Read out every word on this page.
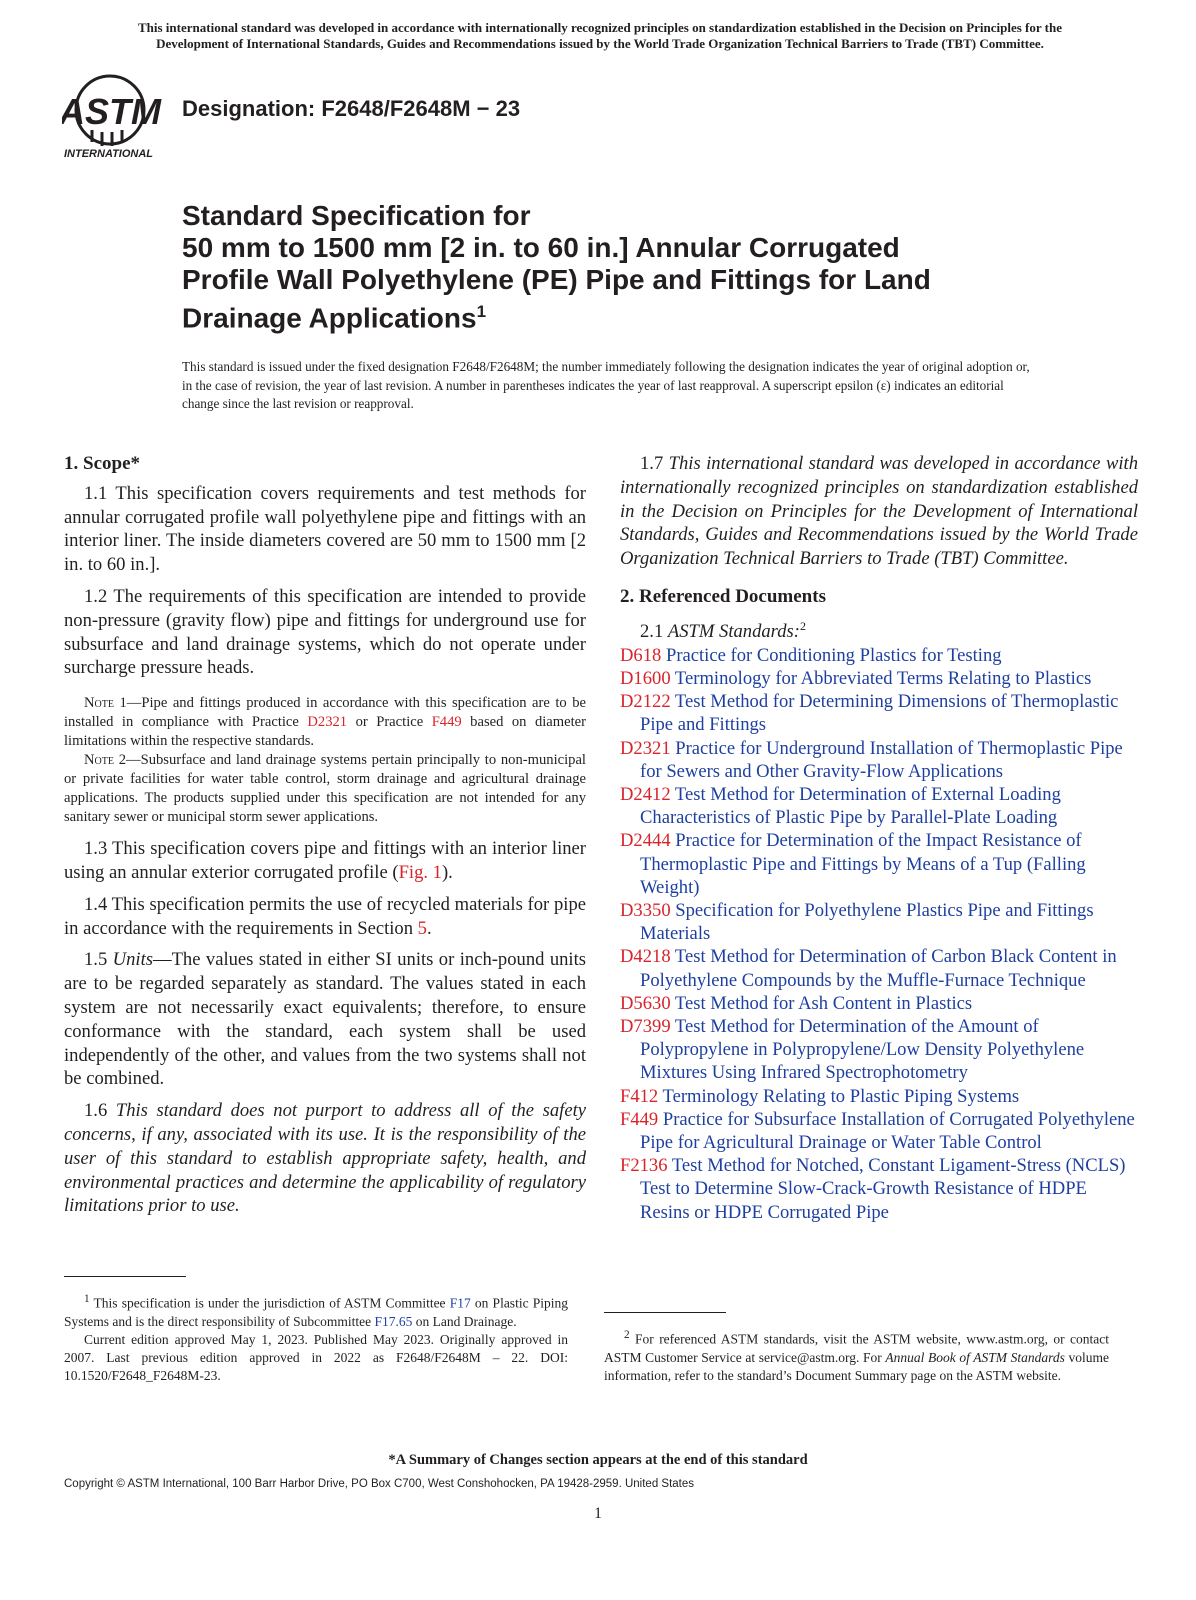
This international standard was developed in accordance with internationally recognized principles on standardization established in the Decision on Principles for the
Development of International Standards, Guides and Recommendations issued by the World Trade Organization Technical Barriers to Trade (TBT) Committee.
ASTM
INTERNATIONAL
Designation: F2648/F2648M − 23
Standard Specification for
50 mm to 1500 mm [2 in. to 60 in.] Annular Corrugated
Profile Wall Polyethylene (PE) Pipe and Fittings for Land
Drainage Applications$^1$
This standard is issued under the fixed designation F2648/F2648M; the number immediately following the designation indicates the year of original adoption or, in the case of revision, the year of last revision. A number in parentheses indicates the year of last reapproval. A superscript epsilon (ε) indicates an editorial change since the last revision or reapproval.
1. Scope*

1.1 This specification covers requirements and test methods for annular corrugated profile wall polyethylene pipe and fittings with an interior liner. The inside diameters covered are 50 mm to 1500 mm [2 in. to 60 in.].

1.2 The requirements of this specification are intended to provide non-pressure (gravity flow) pipe and fittings for underground use for subsurface and land drainage systems, which do not operate under surcharge pressure heads.

Note 1—Pipe and fittings produced in accordance with this specification are to be installed in compliance with Practice D2321 or Practice F449 based on diameter limitations within the respective standards.
Note 2—Subsurface and land drainage systems pertain principally to non-municipal or private facilities for water table control, storm drainage and agricultural drainage applications. The products supplied under this specification are not intended for any sanitary sewer or municipal storm sewer applications.

1.3 This specification covers pipe and fittings with an interior liner using an annular exterior corrugated profile (Fig. 1).

1.4 This specification permits the use of recycled materials for pipe in accordance with the requirements in Section 5.

1.5 Units—The values stated in either SI units or inch-pound units are to be regarded separately as standard. The values stated in each system are not necessarily exact equivalents; therefore, to ensure conformance with the standard, each system shall be used independently of the other, and values from the two systems shall not be combined.

1.6 This standard does not purport to address all of the safety concerns, if any, associated with its use. It is the responsibility of the user of this standard to establish appropriate safety, health, and environmental practices and determine the applicability of regulatory limitations prior to use.

1.7 This international standard was developed in accordance with internationally recognized principles on standardization established in the Decision on Principles for the Development of International Standards, Guides and Recommendations issued by the World Trade Organization Technical Barriers to Trade (TBT) Committee.

2. Referenced Documents
2.1 ASTM Standards:$^2$
D618 Practice for Conditioning Plastics for Testing
D1600 Terminology for Abbreviated Terms Relating to Plastics
D2122 Test Method for Determining Dimensions of Thermoplastic Pipe and Fittings
D2321 Practice for Underground Installation of Thermoplastic Pipe for Sewers and Other Gravity-Flow Applications
D2412 Test Method for Determination of External Loading Characteristics of Plastic Pipe by Parallel-Plate Loading
D2444 Practice for Determination of the Impact Resistance of Thermoplastic Pipe and Fittings by Means of a Tup (Falling Weight)
D3350 Specification for Polyethylene Plastics Pipe and Fittings Materials
D4218 Test Method for Determination of Carbon Black Content in Polyethylene Compounds by the Muffle-Furnace Technique
D5630 Test Method for Ash Content in Plastics
D7399 Test Method for Determination of the Amount of Polypropylene in Polypropylene/Low Density Polyethylene Mixtures Using Infrared Spectrophotometry
F412 Terminology Relating to Plastic Piping Systems
F449 Practice for Subsurface Installation of Corrugated Polyethylene Pipe for Agricultural Drainage or Water Table Control
F2136 Test Method for Notched, Constant Ligament-Stress (NCLS) Test to Determine Slow-Crack-Growth Resistance of HDPE Resins or HDPE Corrugated Pipe

$^1$ This specification is under the jurisdiction of ASTM Committee F17 on Plastic Piping Systems and is the direct responsibility of Subcommittee F17.65 on Land Drainage.

Current edition approved May 1, 2023. Published May 2023. Originally approved in 2007. Last previous edition approved in 2022 as F2648/F2648M – 22. DOI: 10.1520/F2648_F2648M-23.

$^2$ For referenced ASTM standards, visit the ASTM website, www.astm.org, or contact ASTM Customer Service at service@astm.org. For Annual Book of ASTM Standards volume information, refer to the standard’s Document Summary page on the ASTM website.

*A Summary of Changes section appears at the end of this standard
Copyright © ASTM International, 100 Barr Harbor Drive, PO Box C700, West Conshohocken, PA 19428-2959. United States
1
